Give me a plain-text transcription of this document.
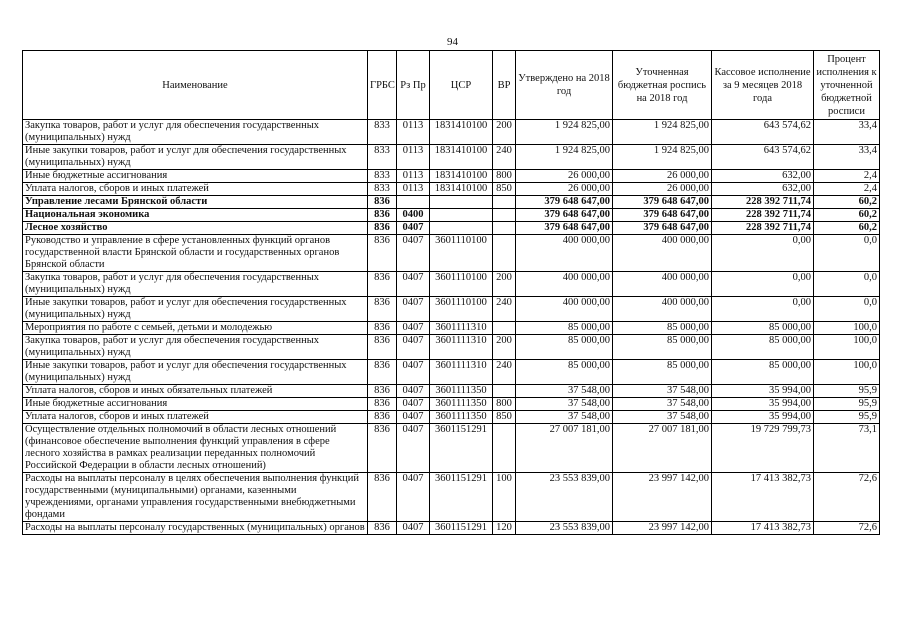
94
Наименование	ГРБС	Рз Пр	ЦСР	ВР	Утверждено на 2018 год	Уточненная бюджетная роспись на 2018 год	Кассовое исполнение за 9 месяцев 2018 года	Процент исполнения к уточненной бюджетной росписи
Закупка товаров, работ и услуг для обеспечения государственных (муниципальных) нужд	833	0113	1831410100	200	1 924 825,00	1 924 825,00	643 574,62	33,4
Иные закупки товаров, работ и услуг для обеспечения государственных (муниципальных) нужд	833	0113	1831410100	240	1 924 825,00	1 924 825,00	643 574,62	33,4
Иные бюджетные ассигнования	833	0113	1831410100	800	26 000,00	26 000,00	632,00	2,4
Уплата налогов, сборов и иных платежей	833	0113	1831410100	850	26 000,00	26 000,00	632,00	2,4
Управление лесами Брянской области	836				379 648 647,00	379 648 647,00	228 392 711,74	60,2
Национальная экономика	836	0400			379 648 647,00	379 648 647,00	228 392 711,74	60,2
Лесное хозяйство	836	0407			379 648 647,00	379 648 647,00	228 392 711,74	60,2
Руководство и управление в сфере установленных функций органов государственной власти Брянской области и государственных органов Брянской области	836	0407	3601110100		400 000,00	400 000,00	0,00	0,0
Закупка товаров, работ и услуг для обеспечения государственных (муниципальных) нужд	836	0407	3601110100	200	400 000,00	400 000,00	0,00	0,0
Иные закупки товаров, работ и услуг для обеспечения государственных (муниципальных) нужд	836	0407	3601110100	240	400 000,00	400 000,00	0,00	0,0
Мероприятия по работе с семьей, детьми и молодежью	836	0407	3601111310		85 000,00	85 000,00	85 000,00	100,0
Закупка товаров, работ и услуг для обеспечения государственных (муниципальных) нужд	836	0407	3601111310	200	85 000,00	85 000,00	85 000,00	100,0
Иные закупки товаров, работ и услуг для обеспечения государственных (муниципальных) нужд	836	0407	3601111310	240	85 000,00	85 000,00	85 000,00	100,0
Уплата налогов, сборов и иных обязательных платежей	836	0407	3601111350		37 548,00	37 548,00	35 994,00	95,9
Иные бюджетные ассигнования	836	0407	3601111350	800	37 548,00	37 548,00	35 994,00	95,9
Уплата налогов, сборов и иных платежей	836	0407	3601111350	850	37 548,00	37 548,00	35 994,00	95,9
Осуществление отдельных полномочий в области лесных отношений (финансовое обеспечение выполнения функций управления в сфере лесного хозяйства в рамках реализации переданных полномочий Российской Федерации в области лесных отношений)	836	0407	3601151291		27 007 181,00	27 007 181,00	19 729 799,73	73,1
Расходы на выплаты персоналу в целях обеспечения выполнения функций государственными (муниципальными) органами, казенными учреждениями, органами управления государственными внебюджетными фондами	836	0407	3601151291	100	23 553 839,00	23 997 142,00	17 413 382,73	72,6
Расходы на выплаты персоналу государственных (муниципальных) органов	836	0407	3601151291	120	23 553 839,00	23 997 142,00	17 413 382,73	72,6
